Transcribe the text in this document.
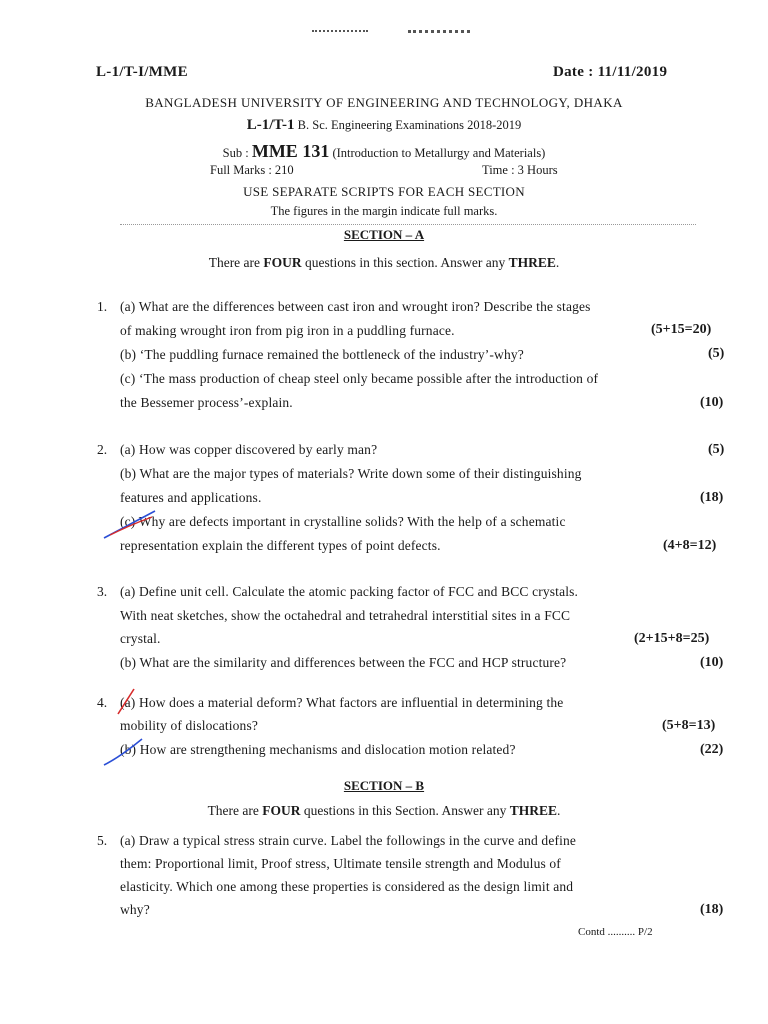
L-1/T-I/MME	Date : 11/11/2019
BANGLADESH UNIVERSITY OF ENGINEERING AND TECHNOLOGY, DHAKA
L-1/T-1 B. Sc. Engineering Examinations 2018-2019
Sub : MME 131 (Introduction to Metallurgy and Materials)
Full Marks : 210	Time : 3 Hours
USE SEPARATE SCRIPTS FOR EACH SECTION
The figures in the margin indicate full marks.
SECTION – A
There are FOUR questions in this section. Answer any THREE.
1. (a) What are the differences between cast iron and wrought iron? Describe the stages
of making wrought iron from pig iron in a puddling furnace.	(5+15=20)
(b) ‘The puddling furnace remained the bottleneck of the industry’-why?	(5)
(c) ‘The mass production of cheap steel only became possible after the introduction of
the Bessemer process’-explain.	(10)
2. (a) How was copper discovered by early man?	(5)
(b) What are the major types of materials? Write down some of their distinguishing
features and applications.	(18)
(c) Why are defects important in crystalline solids? With the help of a schematic
representation explain the different types of point defects.	(4+8=12)
3. (a) Define unit cell. Calculate the atomic packing factor of FCC and BCC crystals.
With neat sketches, show the octahedral and tetrahedral interstitial sites in a FCC
crystal.	(2+15+8=25)
(b) What are the similarity and differences between the FCC and HCP structure?	(10)
4. (a) How does a material deform? What factors are influential in determining the
mobility of dislocations?	(5+8=13)
(b) How are strengthening mechanisms and dislocation motion related?	(22)
SECTION – B
There are FOUR questions in this Section. Answer any THREE.
5. (a) Draw a typical stress strain curve. Label the followings in the curve and define
them: Proportional limit, Proof stress, Ultimate tensile strength and Modulus of
elasticity. Which one among these properties is considered as the design limit and
why?	(18)
Contd .......... P/2
